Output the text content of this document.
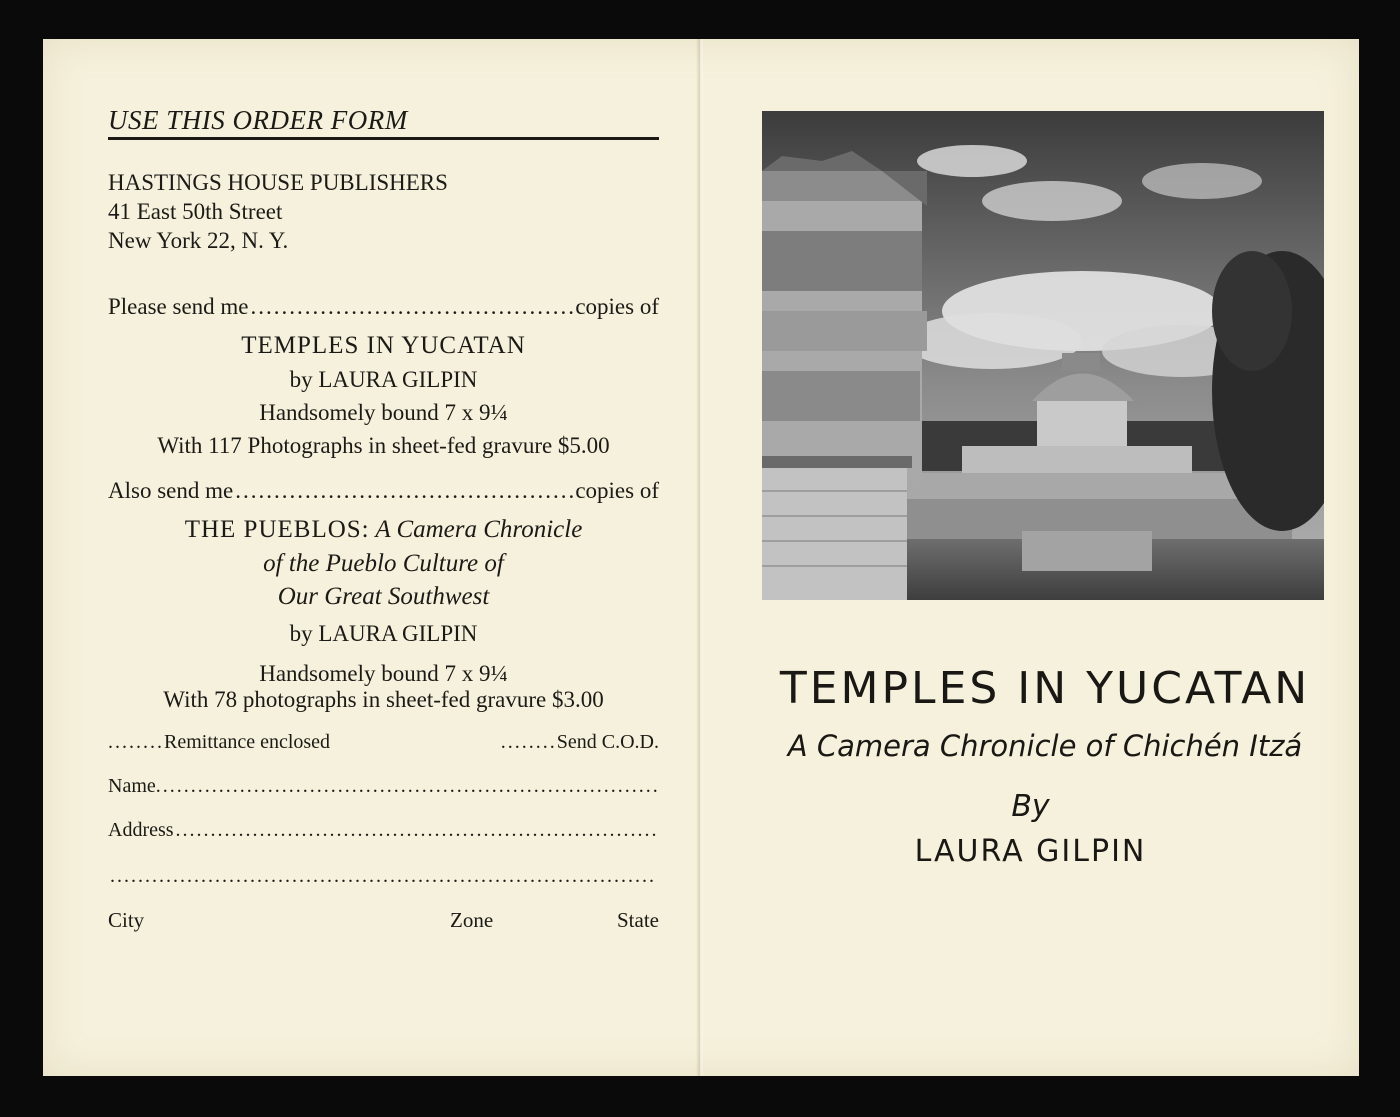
USE THIS ORDER FORM
HASTINGS HOUSE PUBLISHERS
41 East 50th Street
New York 22, N. Y.
Please send me .....	copies of
TEMPLES IN YUCATAN
by LAURA GILPIN
Handsomely bound 7 x 9¼
With 117 Photographs in sheet-fed gravure $5.00
Also send me .....	copies of
THE PUEBLOS: A Camera Chronicle
of the Pueblo Culture of
Our Great Southwest
by LAURA GILPIN
Handsomely bound 7 x 9¼
With 78 photographs in sheet-fed gravure $3.00
........Remittance enclosed	........Send C.O.D.
Name.
.....
Address
.....
.....
City	Zone	State
TEMPLES IN YUCATAN
A Camera Chronicle of Chichén Itzá
By
LAURA GILPIN
